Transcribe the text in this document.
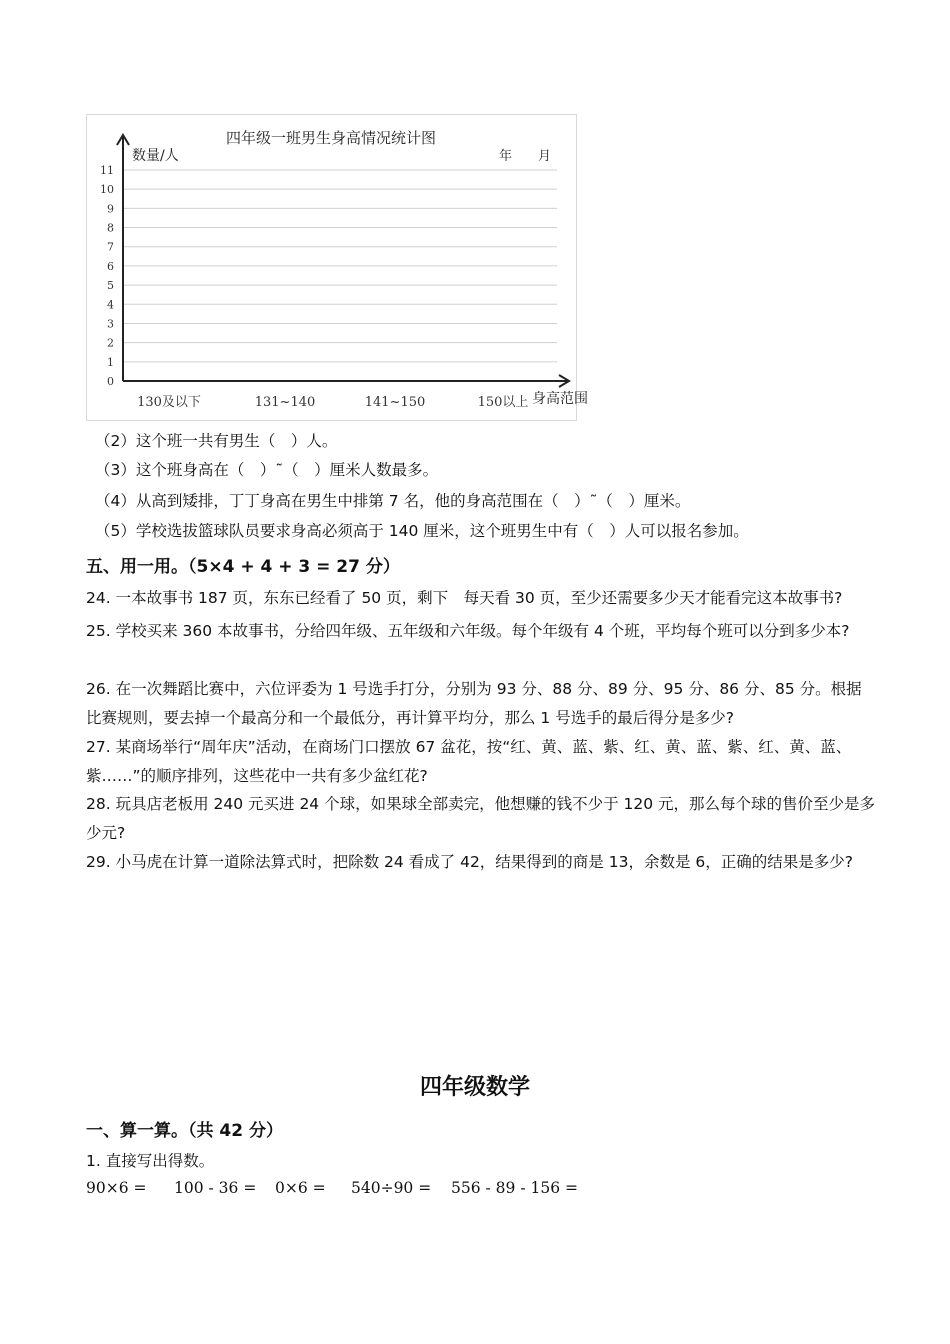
四年级一班男生身高情况统计图
年　　月
数量/人
身高范围
0
1
2
3
4
5
6
7
8
9
10
11
130及以下	131~140	141~150	150以上
（2）这个班一共有男生（　）人。
（3）这个班身高在（　）˜（　）厘米人数最多。
（4）从高到矮排，丁丁身高在男生中排第 7 名，他的身高范围在（　）˜（　）厘米。
（5）学校选拔篮球队员要求身高必须高于 140 厘米，这个班男生中有（　）人可以报名参加。
五、用一用。（5×4 + 4 + 3 = 27 分）
24. 一本故事书 187 页，东东已经看了 50 页，剩下　每天看 30 页，至少还需要多少天才能看完这本故事书?
25. 学校买来 360 本故事书，分给四年级、五年级和六年级。每个年级有 4 个班，平均每个班可以分到多少本?
26. 在一次舞蹈比赛中，六位评委为 1 号选手打分，分别为 93 分、88 分、89 分、95 分、86 分、85 分。根据比赛规则，要去掉一个最高分和一个最低分，再计算平均分，那么 1 号选手的最后得分是多少?
27. 某商场举行“周年庆”活动，在商场门口摆放 67 盆花，按“红、黄、蓝、紫、红、黄、蓝、紫、红、黄、蓝、紫……”的顺序排列，这些花中一共有多少盆红花?
28. 玩具店老板用 240 元买进 24 个球，如果球全部卖完，他想赚的钱不少于 120 元，那么每个球的售价至少是多少元?
29. 小马虎在计算一道除法算式时，把除数 24 看成了 42，结果得到的商是 13，余数是 6，正确的结果是多少?
四年级数学
一、算一算。（共 42 分）
1. 直接写出得数。
90×6 = 100 - 36 = 0×6 = 540÷90 = 556 - 89 - 156 =
